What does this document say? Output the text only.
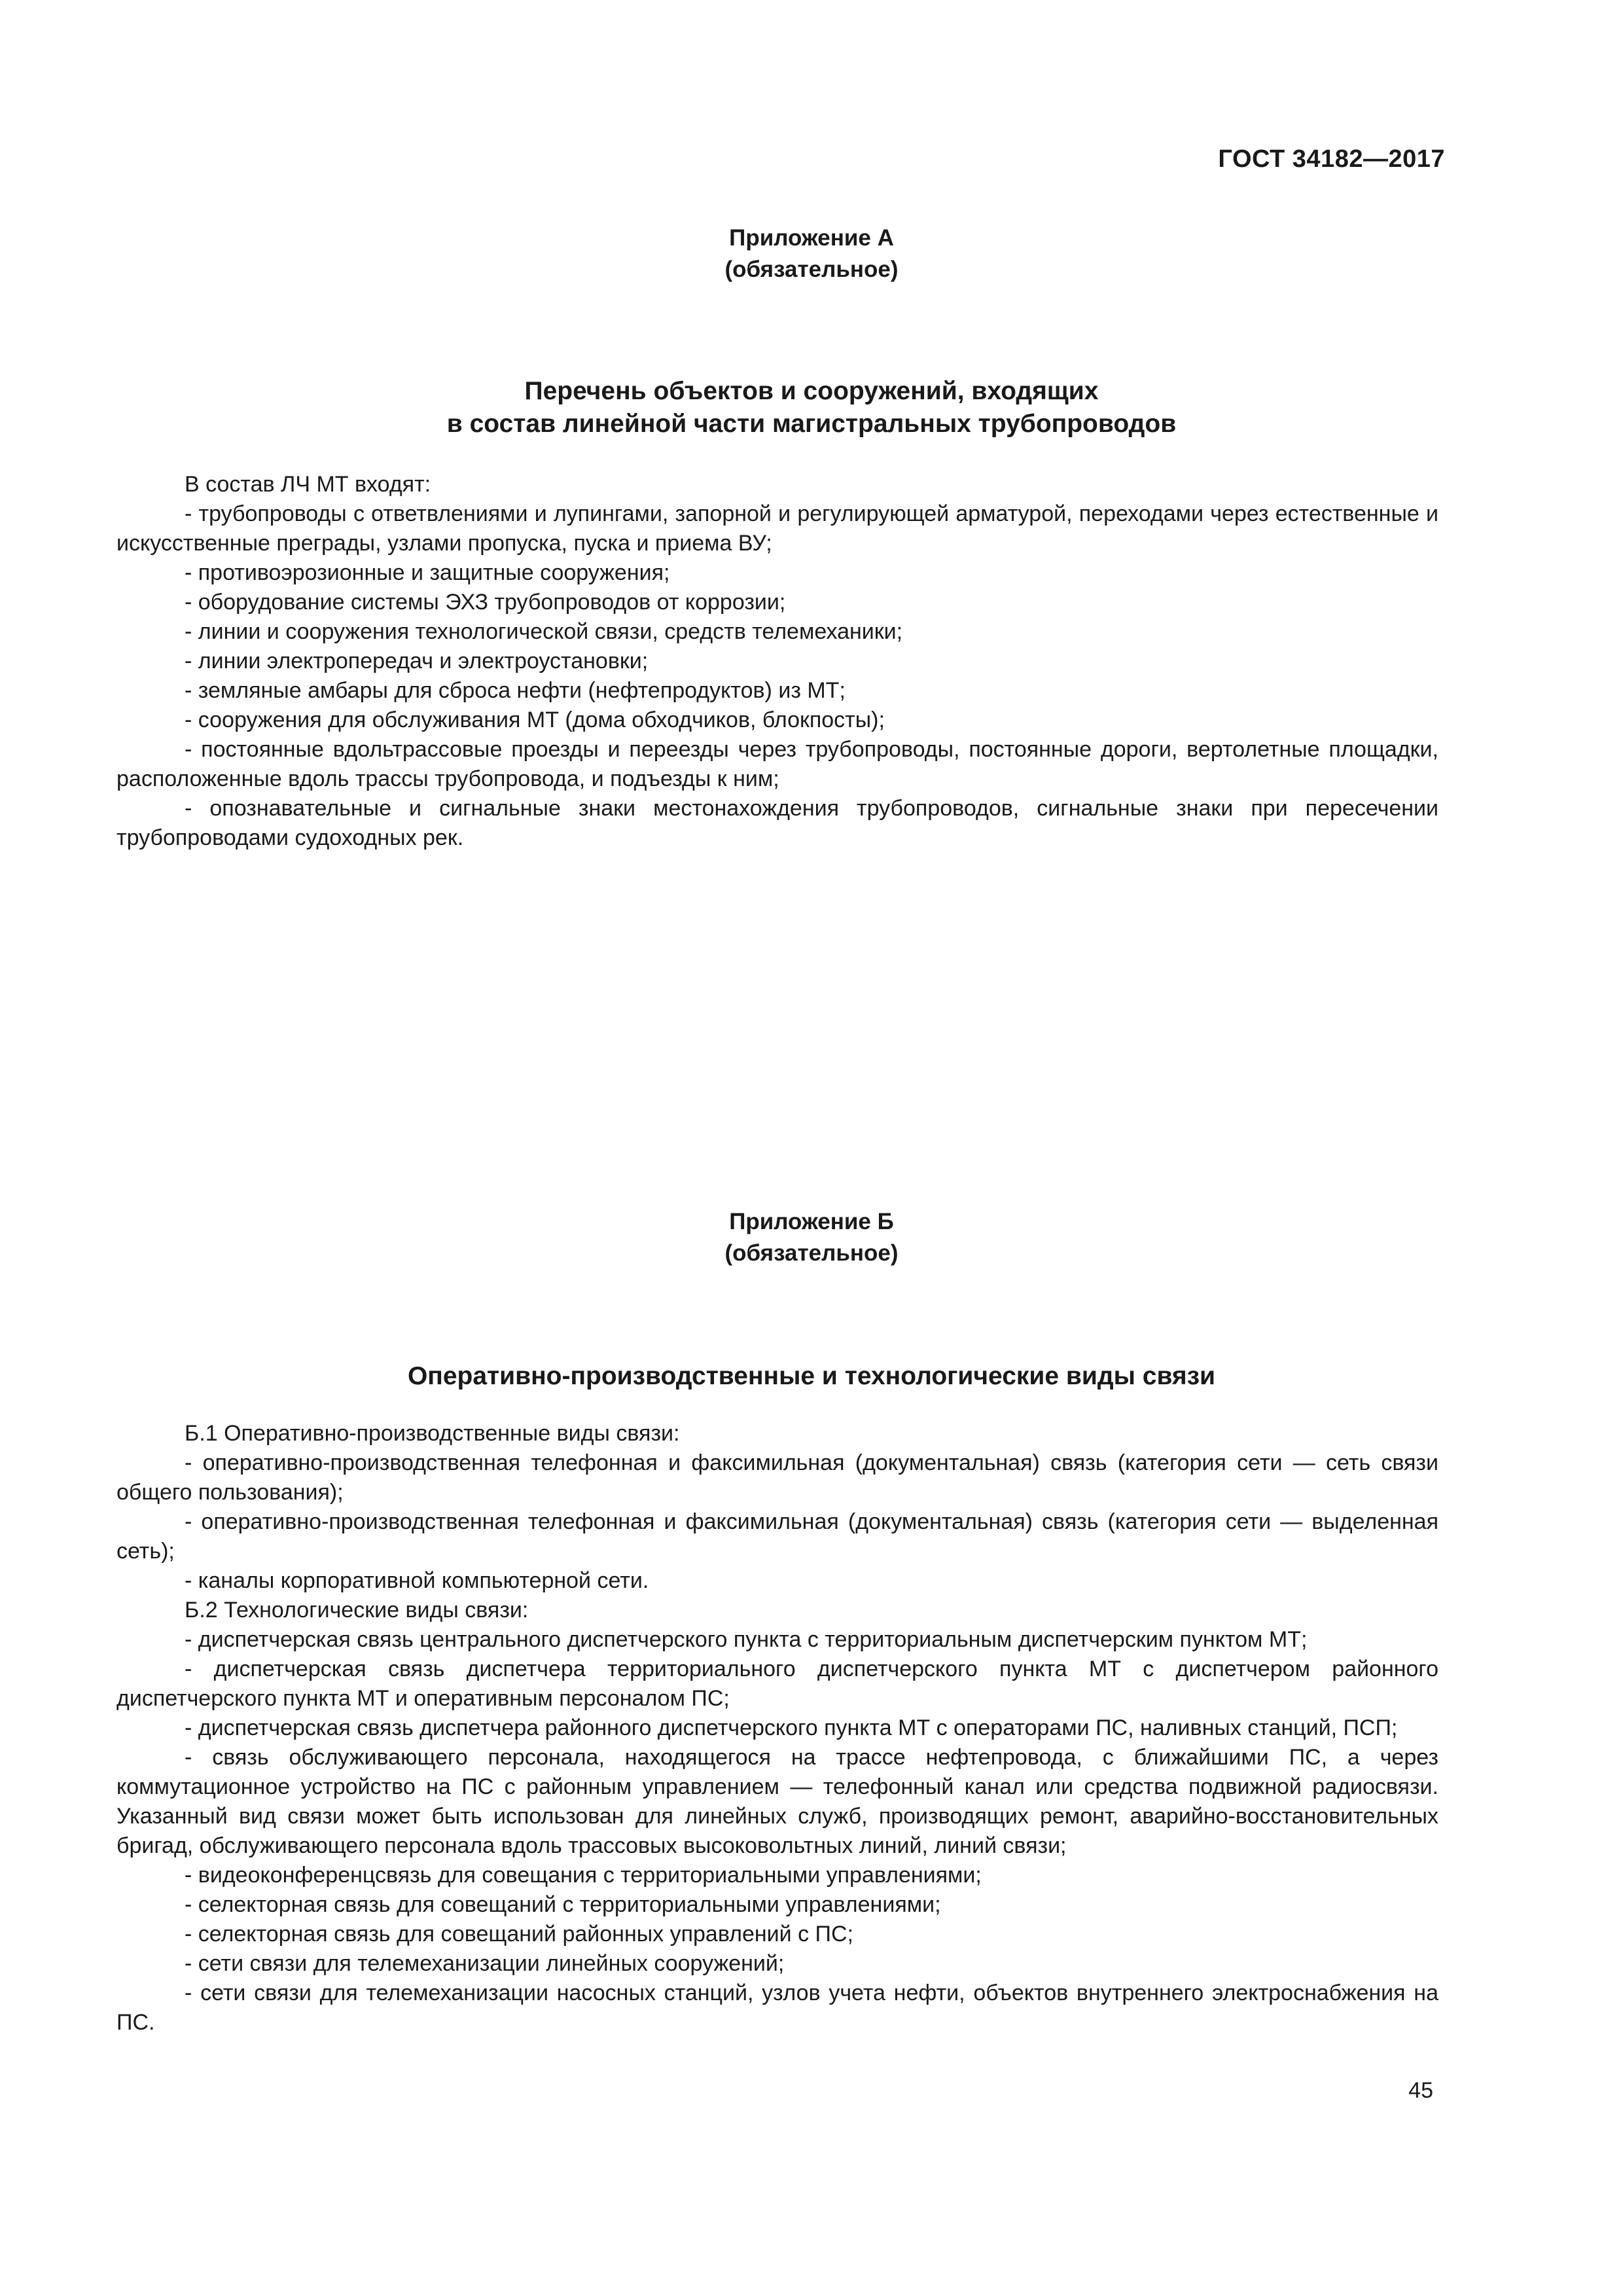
ГОСТ 34182—2017
Приложение А
(обязательное)
Перечень объектов и сооружений, входящих
в состав линейной части магистральных трубопроводов

В состав ЛЧ МТ входят:

- трубопроводы с ответвлениями и лупингами, запорной и регулирующей арматурой, переходами через естественные и искусственные преграды, узлами пропуска, пуска и приема ВУ;

- противоэрозионные и защитные сооружения;

- оборудование системы ЭХЗ трубопроводов от коррозии;

- линии и сооружения технологической связи, средств телемеханики;

- линии электропередач и электроустановки;

- земляные амбары для сброса нефти (нефтепродуктов) из МТ;

- сооружения для обслуживания МТ (дома обходчиков, блокпосты);

- постоянные вдольтрассовые проезды и переезды через трубопроводы, постоянные дороги, вертолетные площадки, расположенные вдоль трассы трубопровода, и подъезды к ним;

- опознавательные и сигнальные знаки местонахождения трубопроводов, сигнальные знаки при пересечении трубопроводами судоходных рек.

Приложение Б
(обязательное)
Оперативно-производственные и технологические виды связи

Б.1 Оперативно-производственные виды связи:

- оперативно-производственная телефонная и факсимильная (документальная) связь (категория сети — сеть связи общего пользования);

- оперативно-производственная телефонная и факсимильная (документальная) связь (категория сети — выделенная сеть);

- каналы корпоративной компьютерной сети.

Б.2 Технологические виды связи:

- диспетчерская связь центрального диспетчерского пункта с территориальным диспетчерским пунктом МТ;

- диспетчерская связь диспетчера территориального диспетчерского пункта МТ с диспетчером районного диспетчерского пункта МТ и оперативным персоналом ПС;

- диспетчерская связь диспетчера районного диспетчерского пункта МТ с операторами ПС, наливных станций, ПСП;

- связь обслуживающего персонала, находящегося на трассе нефтепровода, с ближайшими ПС, а через коммутационное устройство на ПС с районным управлением — телефонный канал или средства подвижной радиосвязи. Указанный вид связи может быть использован для линейных служб, производящих ремонт, аварийно-восстановительных бригад, обслуживающего персонала вдоль трассовых высоковольтных линий, линий связи;

- видеоконференцсвязь для совещания с территориальными управлениями;

- селекторная связь для совещаний с территориальными управлениями;

- селекторная связь для совещаний районных управлений с ПС;

- сети связи для телемеханизации линейных сооружений;

- сети связи для телемеханизации насосных станций, узлов учета нефти, объектов внутреннего электроснабжения на ПС.

45
